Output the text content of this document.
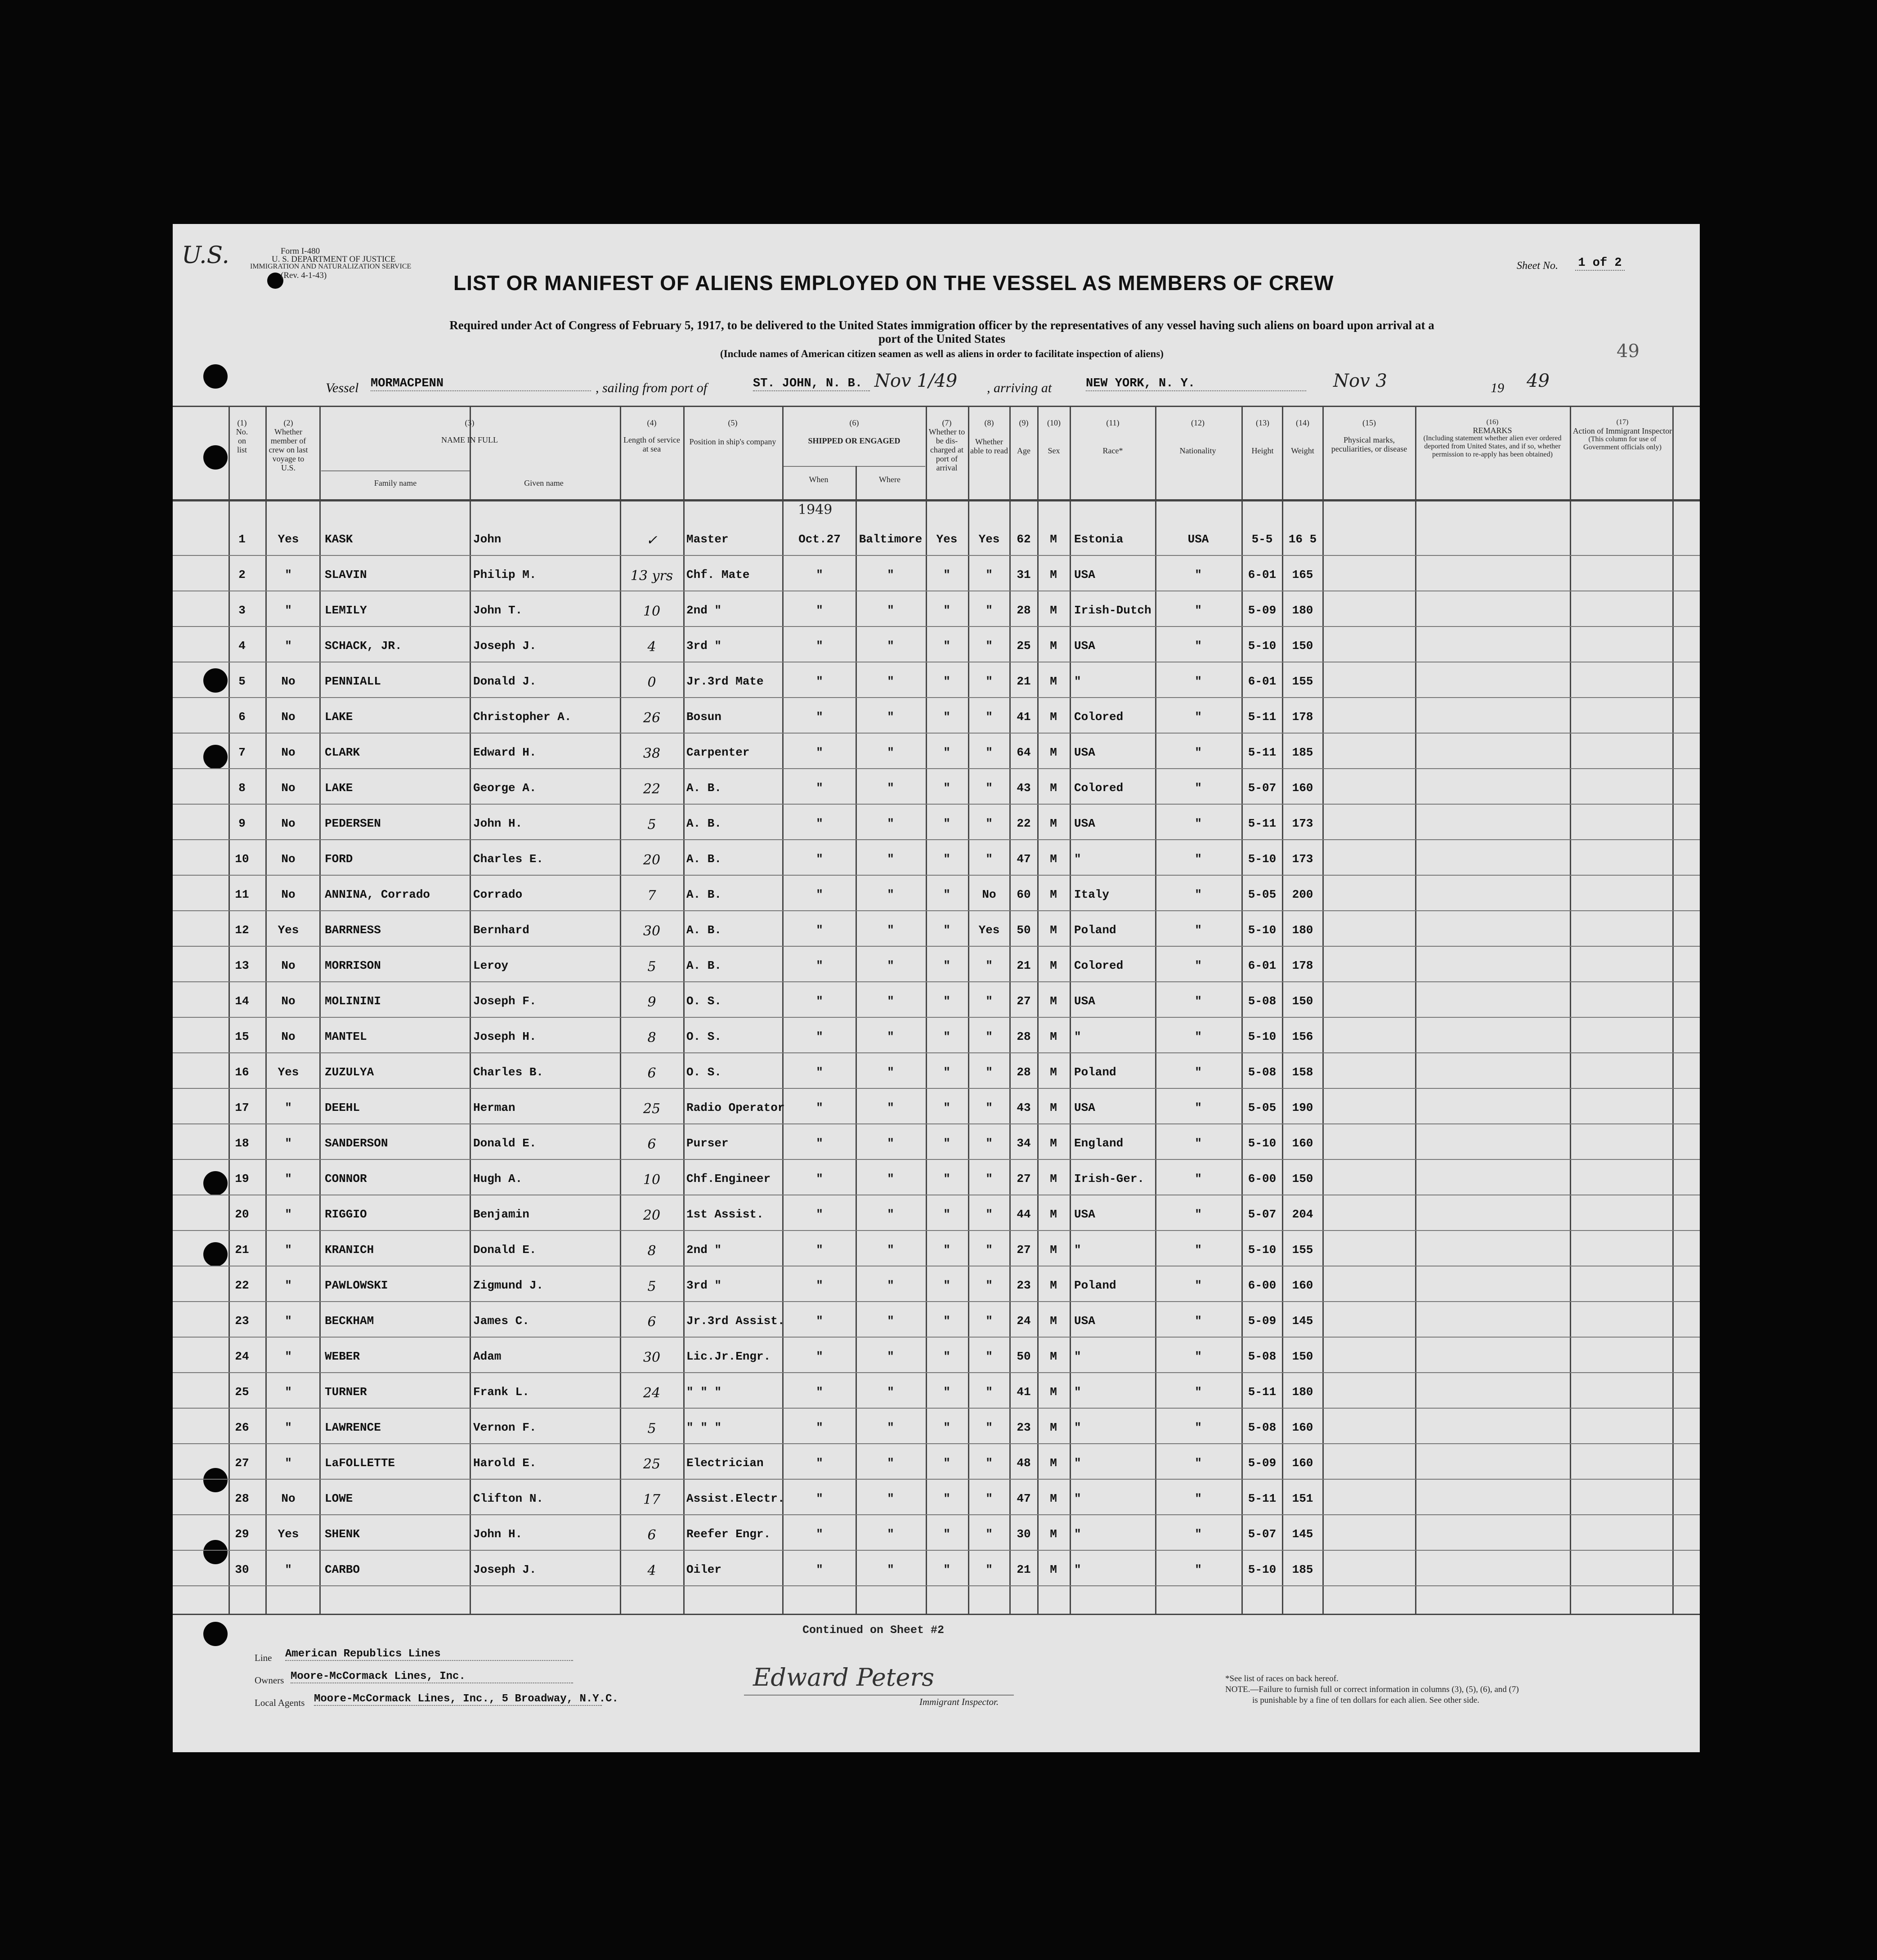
U.S.	Form I-480
U. S. DEPARTMENT OF JUSTICE
IMMIGRATION AND NATURALIZATION SERVICE
(Rev. 4-1-43)	LIST OR MANIFEST OF ALIENS EMPLOYED ON THE VESSEL AS MEMBERS OF CREW
Sheet No. 1 of 2
49
Required under Act of Congress of February 5, 1917, to be delivered to the United States immigration officer by the representatives of any vessel having such aliens on board upon arrival at a
port of the United States
(Include names of American citizen seamen as well as aliens in order to facilitate inspection of aliens)
Vessel MORMACPENN	, sailing from port of	ST. JOHN, N. B. Nov 1/49 , arriving at	NEW YORK, N. Y.	Nov 3	19 49
(1)
No. on list
(2)
Whether member of crew on last voyage to U.S.
(3)
NAME IN FULL
Family name	Given name
(4)
Length of service at sea
(5)
Position in ship's company
(6)
SHIPPED OR ENGAGED
When	Where
(7)
Whether to be dis-charged at port of arrival
(8)
Whether able to read
(9)
Age
(10)
Sex
(11)
Race*
(12)
Nationality
(13)
Height
(14)
Weight
(15)
Physical marks, peculiarities, or disease
(16)
REMARKS
(Including statement whether alien ever ordered deported from United States, and if so, whether permission to re-apply has been obtained)
(17)
Action of Immigrant Inspector
(This column for use of Government officials only)
1949
1	Yes	KASK	John	✓	Master	Oct.27	Baltimore	Yes	Yes	62	M	Estonia	USA	5-5	16 5
2	"	SLAVIN	Philip M.	13 yrs	Chf. Mate	"	"	"	"	31	M	USA	"	6-01	165
3	"	LEMILY	John T.	10	2nd "	"	"	"	"	28	M	Irish-Dutch	"	5-09	180
4	"	SCHACK, JR.	Joseph J.	4	3rd "	"	"	"	"	25	M	USA	"	5-10	150
5	No	PENNIALL	Donald J.	0	Jr.3rd Mate	"	"	"	"	21	M	"	"	6-01	155
6	No	LAKE	Christopher A.	26	Bosun	"	"	"	"	41	M	Colored	"	5-11	178
7	No	CLARK	Edward H.	38	Carpenter	"	"	"	"	64	M	USA	"	5-11	185
8	No	LAKE	George A.	22	A. B.	"	"	"	"	43	M	Colored	"	5-07	160
9	No	PEDERSEN	John H.	5	A. B.	"	"	"	"	22	M	USA	"	5-11	173
10	No	FORD	Charles E.	20	A. B.	"	"	"	"	47	M	"	"	5-10	173
11	No	ANNINA, Corrado	Corrado	7	A. B.	"	"	"	No	60	M	Italy	"	5-05	200
12	Yes	BARRNESS	Bernhard	30	A. B.	"	"	"	Yes	50	M	Poland	"	5-10	180
13	No	MORRISON	Leroy	5	A. B.	"	"	"	"	21	M	Colored	"	6-01	178
14	No	MOLININI	Joseph F.	9	O. S.	"	"	"	"	27	M	USA	"	5-08	150
15	No	MANTEL	Joseph H.	8	O. S.	"	"	"	"	28	M	"	"	5-10	156
16	Yes	ZUZULYA	Charles B.	6	O. S.	"	"	"	"	28	M	Poland	"	5-08	158
17	"	DEEHL	Herman	25	Radio Operator	"	"	"	"	43	M	USA	"	5-05	190
18	"	SANDERSON	Donald E.	6	Purser	"	"	"	"	34	M	England	"	5-10	160
19	"	CONNOR	Hugh A.	10	Chf.Engineer	"	"	"	"	27	M	Irish-Ger.	"	6-00	150
20	"	RIGGIO	Benjamin	20	1st Assist.	"	"	"	"	44	M	USA	"	5-07	204
21	"	KRANICH	Donald E.	8	2nd "	"	"	"	"	27	M	"	"	5-10	155
22	"	PAWLOWSKI	Zigmund J.	5	3rd "	"	"	"	"	23	M	Poland	"	6-00	160
23	"	BECKHAM	James C.	6	Jr.3rd Assist.	"	"	"	"	24	M	USA	"	5-09	145
24	"	WEBER	Adam	30	Lic.Jr.Engr.	"	"	"	"	50	M	"	"	5-08	150
25	"	TURNER	Frank L.	24	" " "	"	"	"	"	41	M	"	"	5-11	180
26	"	LAWRENCE	Vernon F.	5	" " "	"	"	"	"	23	M	"	"	5-08	160
27	"	LaFOLLETTE	Harold E.	25	Electrician	"	"	"	"	48	M	"	"	5-09	160
28	No	LOWE	Clifton N.	17	Assist.Electr.	"	"	"	"	47	M	"	"	5-11	151
29	Yes	SHENK	John H.	6	Reefer Engr.	"	"	"	"	30	M	"	"	5-07	145
30	"	CARBO	Joseph J.	4	Oiler	"	"	"	"	21	M	"	"	5-10	185
Continued on Sheet #2
Line American Republics Lines
Owners Moore-McCormack Lines, Inc.
Local Agents Moore-McCormack Lines, Inc., 5 Broadway, N.Y.C.
Edward Peters
Immigrant Inspector.
*See list of races on back hereof.
NOTE.—Failure to furnish full or correct information in columns (3), (5), (6), and (7)
is punishable by a fine of ten dollars for each alien. See other side.
